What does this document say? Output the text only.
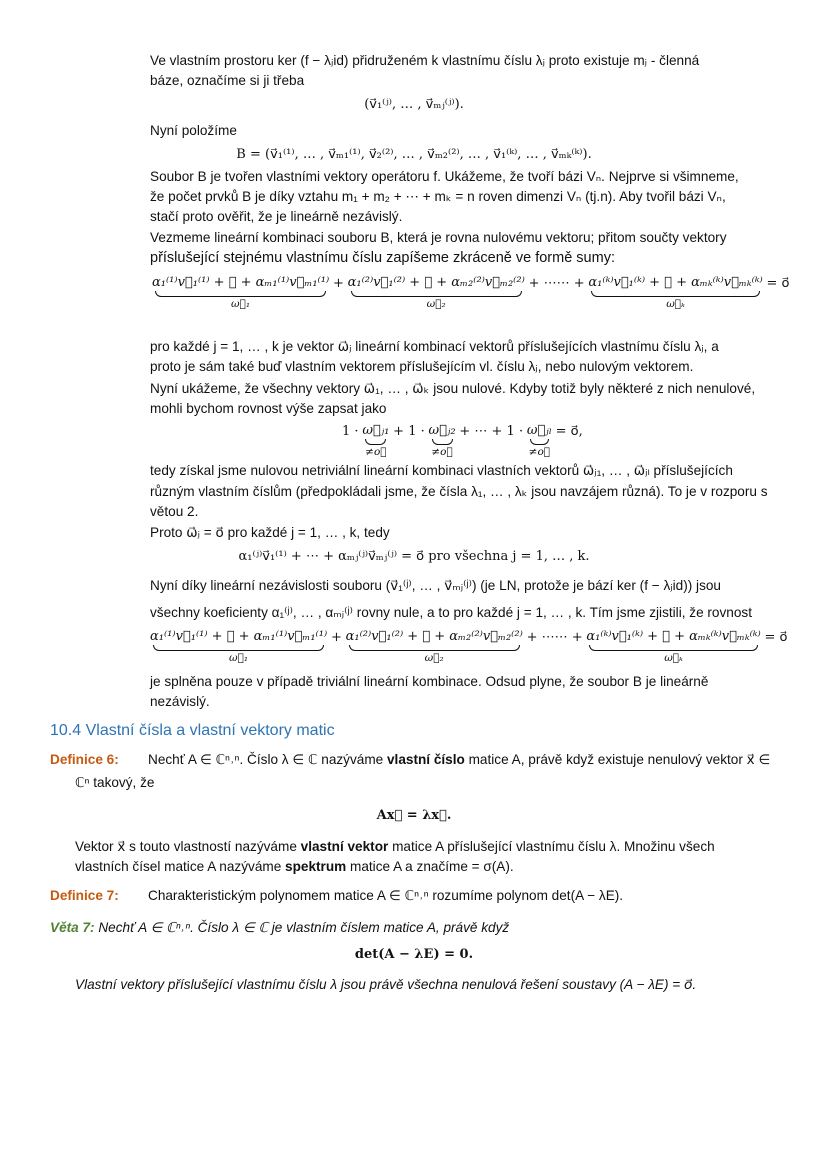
Ve vlastním prostoru ker (f − λⱼid) přidruženém k vlastnímu číslu λⱼ proto existuje mⱼ - členná
báze, označíme si ji třeba
(v⃗₁⁽ʲ⁾, … , v⃗ₘⱼ⁽ʲ⁾).
Nyní položíme
B = (v⃗₁⁽¹⁾, … , v⃗ₘ₁⁽¹⁾, v⃗₂⁽²⁾, … , v⃗ₘ₂⁽²⁾, … , v⃗₁⁽ᵏ⁾, … , v⃗ₘₖ⁽ᵏ⁾).
Soubor B je tvořen vlastními vektory operátoru f. Ukážeme, že tvoří bázi Vₙ. Nejprve si všimneme,
že počet prvků B je díky vztahu m₁ + m₂ + ⋯ + mₖ = n roven dimenzi Vₙ (tj.n). Aby tvořil bázi Vₙ,
stačí proto ověřit, že je lineárně nezávislý.
Vezmeme lineární kombinaci souboru B, která je rovna nulovému vektoru; přitom součty vektory
příslušející stejnému vlastnímu číslu zapíšeme zkráceně ve formě sumy:
α₁⁽¹⁾v⃗₁⁽¹⁾ + ⋯ + αₘ₁⁽¹⁾v⃗ₘ₁⁽¹⁾
ω⃗₁
+ α₁⁽²⁾v⃗₁⁽²⁾ + ⋯ + αₘ₂⁽²⁾v⃗ₘ₂⁽²⁾
ω⃗₂
+ ⋯⋯ + α₁⁽ᵏ⁾v⃗₁⁽ᵏ⁾ + ⋯ + αₘₖ⁽ᵏ⁾v⃗ₘₖ⁽ᵏ⁾
ω⃗ₖ
= o⃗
pro každé j = 1, … , k je vektor ω⃗ⱼ lineární kombinací vektorů příslušejících vlastnímu číslu λⱼ, a
proto je sám také buď vlastním vektorem příslušejícím vl. číslu λⱼ, nebo nulovým vektorem.
Nyní ukážeme, že všechny vektory ω⃗₁, … , ω⃗ₖ jsou nulové. Kdyby totiž byly některé z nich nenulové,
mohli bychom rovnost výše zapsat jako
1 · ω⃗ⱼ₁
≠o⃗
+ 1 · ω⃗ⱼ₂
≠o⃗
+ ⋯ + 1 · ω⃗ⱼₗ
≠o⃗
= o⃗,
tedy získal jsme nulovou netriviální lineární kombinaci vlastních vektorů ω⃗ⱼ₁, … , ω⃗ⱼₗ příslušejících
různým vlastním číslům (předpokládali jsme, že čísla λ₁, … , λₖ jsou navzájem různá). To je v rozporu s
větou 2.
Proto ω⃗ⱼ = o⃗ pro každé j = 1, … , k, tedy
α₁⁽ʲ⁾v⃗₁⁽¹⁾ + ⋯ + αₘⱼ⁽ʲ⁾v⃗ₘⱼ⁽ʲ⁾ = o⃗ pro všechna j = 1, … , k.
Nyní díky lineární nezávislosti souboru (v⃗₁⁽ʲ⁾, … , v⃗ₘⱼ⁽ʲ⁾) (je LN, protože je bází ker (f − λⱼid)) jsou
všechny koeficienty α₁⁽ʲ⁾, … , αₘⱼ⁽ʲ⁾ rovny nule, a to pro každé j = 1, … , k. Tím jsme zjistili, že rovnost
α₁⁽¹⁾v⃗₁⁽¹⁾ + ⋯ + αₘ₁⁽¹⁾v⃗ₘ₁⁽¹⁾
ω⃗₁
+ α₁⁽²⁾v⃗₁⁽²⁾ + ⋯ + αₘ₂⁽²⁾v⃗ₘ₂⁽²⁾
ω⃗₂
+ ⋯⋯ + α₁⁽ᵏ⁾v⃗₁⁽ᵏ⁾ + ⋯ + αₘₖ⁽ᵏ⁾v⃗ₘₖ⁽ᵏ⁾
ω⃗ₖ
= o⃗
je splněna pouze v případě triviální lineární kombinace. Odsud plyne, že soubor B je lineárně
nezávislý.
10.4 Vlastní čísla a vlastní vektory matic
Definice 6: Nechť A ∈ ℂⁿ˒ⁿ. Číslo λ ∈ ℂ nazýváme vlastní číslo matice A, právě když existuje nenulový vektor x⃗ ∈
ℂⁿ takový, že
Ax⃗ = λx⃗.
Vektor x⃗ s touto vlastností nazýváme vlastní vektor matice A příslušející vlastnímu číslu λ. Množinu všech
vlastních čísel matice A nazýváme spektrum matice A a značíme = σ(A).
Definice 7: Charakteristickým polynomem matice A ∈ ℂⁿ˒ⁿ rozumíme polynom det(A − λE).
Věta 7: Nechť A ∈ ℂⁿ˒ⁿ. Číslo λ ∈ ℂ je vlastním číslem matice A, právě když
det(A − λE) = 0.
Vlastní vektory příslušející vlastnímu číslu λ jsou právě všechna nenulová řešení soustavy (A − λE) = o⃗.
